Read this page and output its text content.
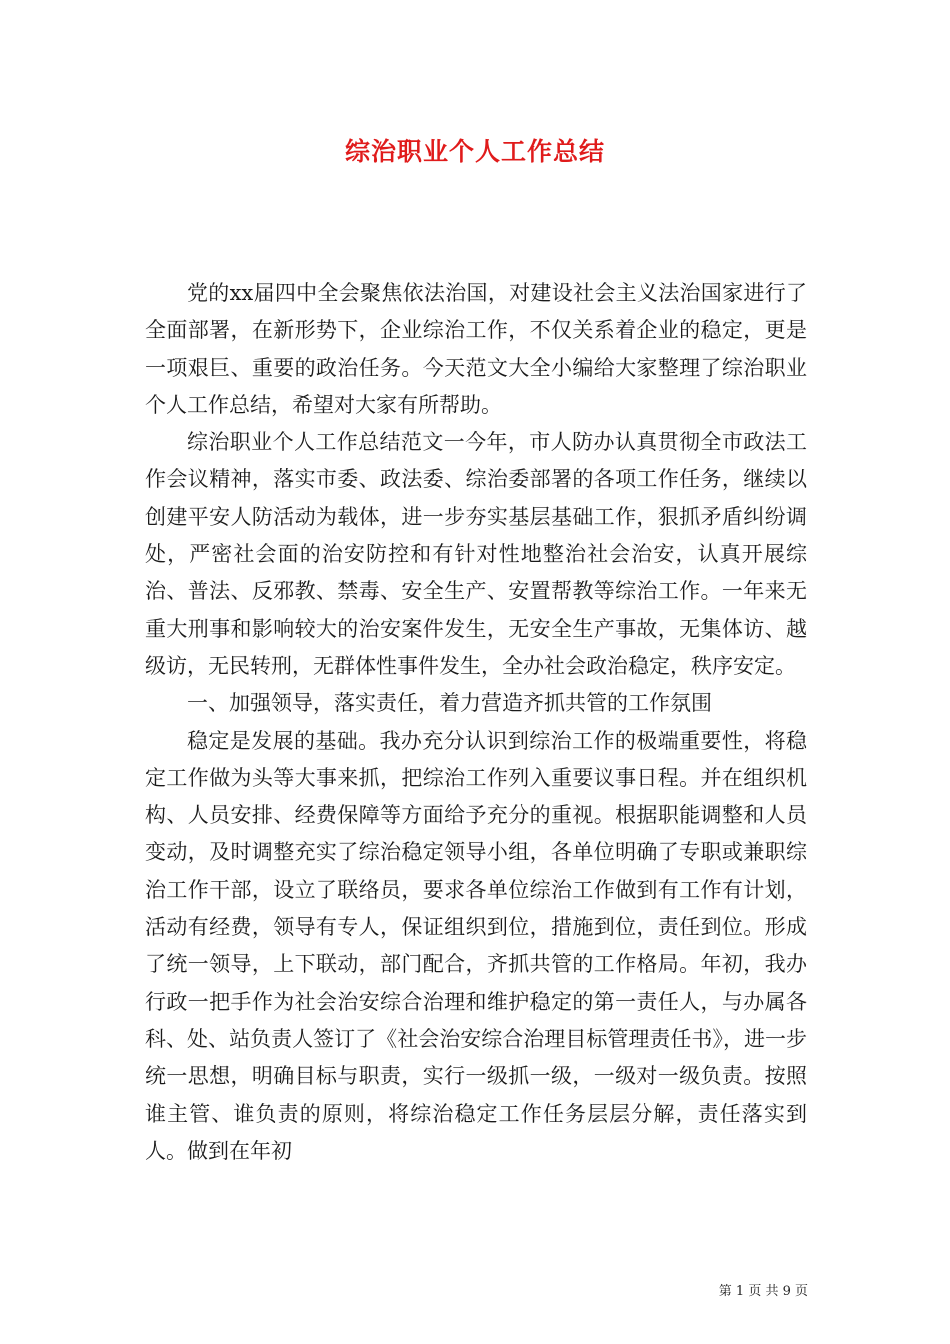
综治职业个人工作总结

党的xx届四中全会聚焦依法治国，对建设社会主义法治国家进行了全面部署，在新形势下，企业综治工作，不仅关系着企业的稳定，更是一项艰巨、重要的政治任务。今天范文大全小编给大家整理了综治职业个人工作总结，希望对大家有所帮助。

综治职业个人工作总结范文一今年，市人防办认真贯彻全市政法工作会议精神，落实市委、政法委、综治委部署的各项工作任务，继续以创建平安人防活动为载体，进一步夯实基层基础工作，狠抓矛盾纠纷调处，严密社会面的治安防控和有针对性地整治社会治安，认真开展综治、普法、反邪教、禁毒、安全生产、安置帮教等综治工作。一年来无重大刑事和影响较大的治安案件发生，无安全生产事故，无集体访、越级访，无民转刑，无群体性事件发生，全办社会政治稳定，秩序安定。

一、加强领导，落实责任，着力营造齐抓共管的工作氛围

稳定是发展的基础。我办充分认识到综治工作的极端重要性，将稳定工作做为头等大事来抓，把综治工作列入重要议事日程。并在组织机构、人员安排、经费保障等方面给予充分的重视。根据职能调整和人员变动，及时调整充实了综治稳定领导小组，各单位明确了专职或兼职综治工作干部，设立了联络员，要求各单位综治工作做到有工作有计划，活动有经费，领导有专人，保证组织到位，措施到位，责任到位。形成了统一领导，上下联动，部门配合，齐抓共管的工作格局。年初，我办行政一把手作为社会治安综合治理和维护稳定的第一责任人，与办属各科、处、站负责人签订了《社会治安综合治理目标管理责任书》，进一步统一思想，明确目标与职责，实行一级抓一级，一级对一级负责。按照谁主管、谁负责的原则，将综治稳定工作任务层层分解，责任落实到人。做到在年初

第 1 页 共 9 页
